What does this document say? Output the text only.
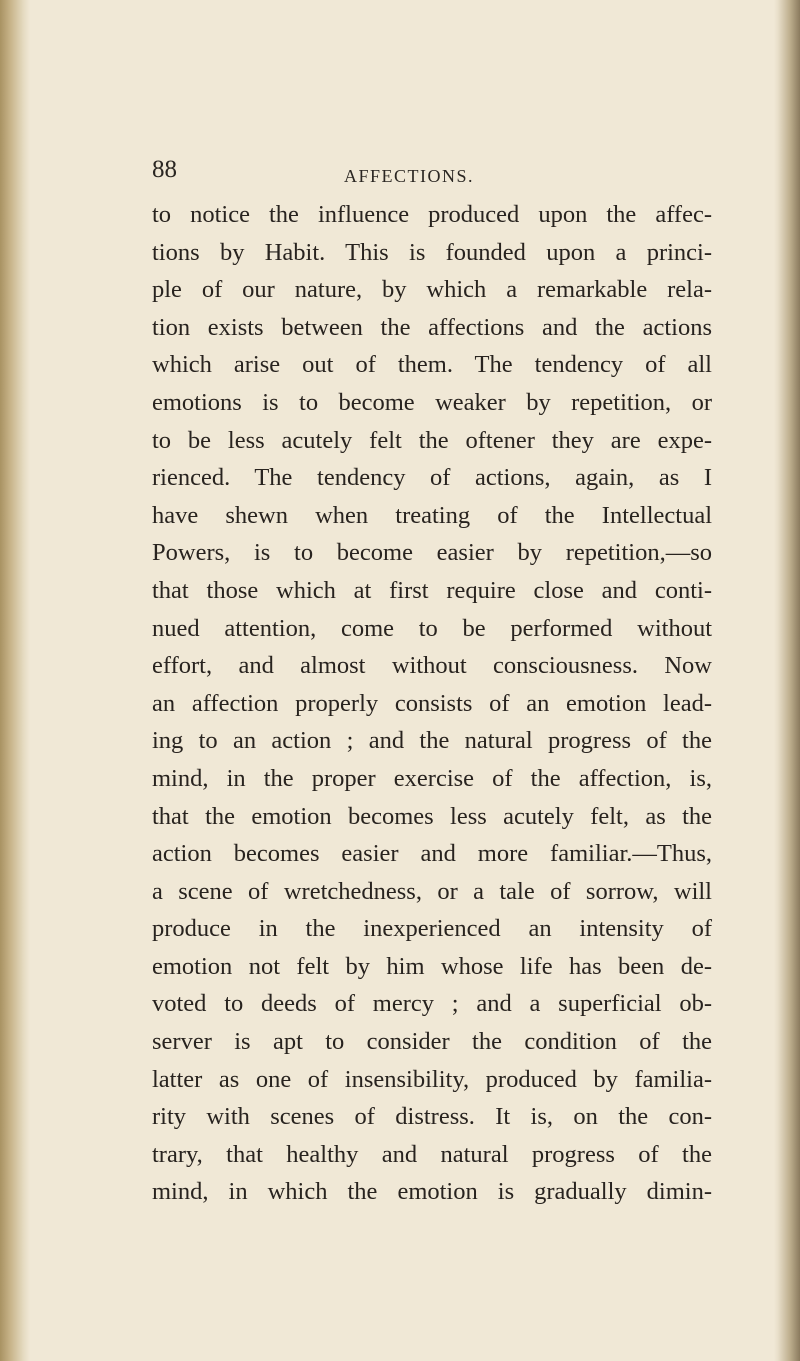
88	AFFECTIONS.
to notice the influence produced upon the affec-
tions by Habit. This is founded upon a princi-
ple of our nature, by which a remarkable rela-
tion exists between the affections and the actions
which arise out of them. The tendency of all
emotions is to become weaker by repetition, or
to be less acutely felt the oftener they are expe-
rienced. The tendency of actions, again, as I
have shewn when treating of the Intellectual
Powers, is to become easier by repetition,—so
that those which at first require close and conti-
nued attention, come to be performed without
effort, and almost without consciousness. Now
an affection properly consists of an emotion lead-
ing to an action ; and the natural progress of the
mind, in the proper exercise of the affection, is,
that the emotion becomes less acutely felt, as the
action becomes easier and more familiar.—Thus,
a scene of wretchedness, or a tale of sorrow, will
produce in the inexperienced an intensity of
emotion not felt by him whose life has been de-
voted to deeds of mercy ; and a superficial ob-
server is apt to consider the condition of the
latter as one of insensibility, produced by familia-
rity with scenes of distress. It is, on the con-
trary, that healthy and natural progress of the
mind, in which the emotion is gradually dimin-
